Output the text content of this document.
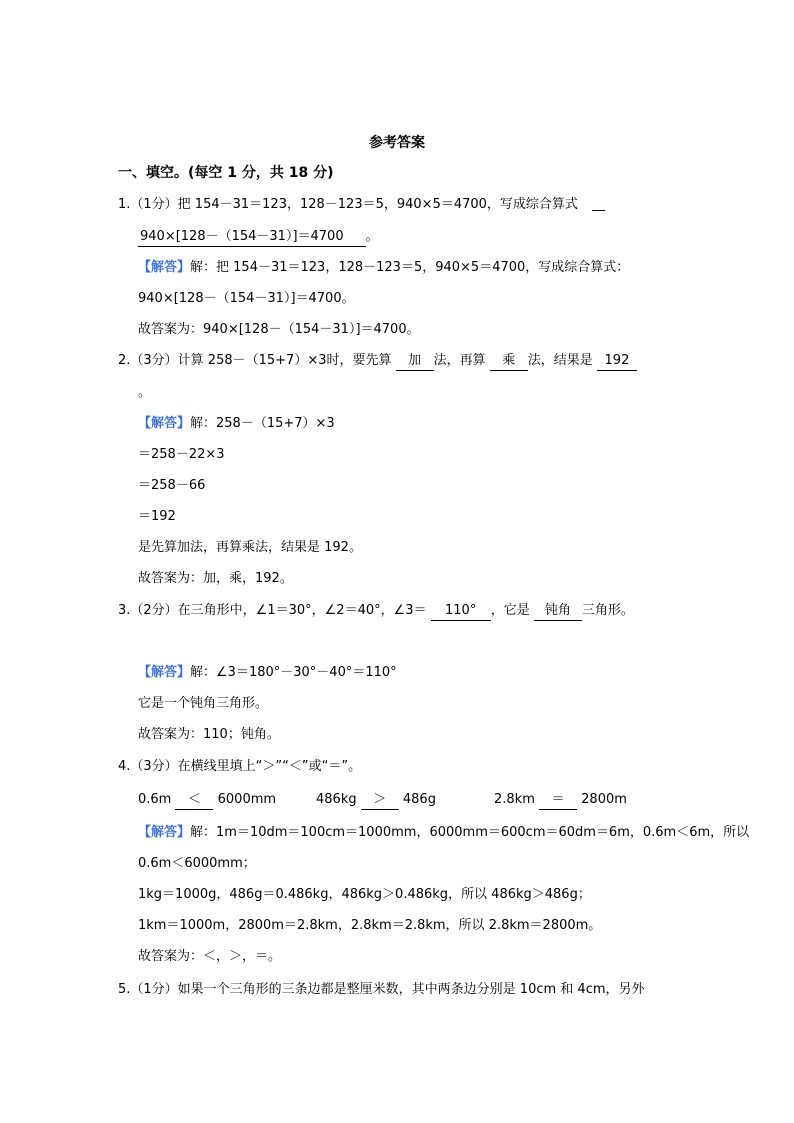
参考答案
一、填空。(每空 1 分，共 18 分)
1.（1分）把 154－31＝123，128－123＝5，940×5＝4700，写成综合算式 __
940×[128－（154－31）]＝4700 。
【解答】解：把 154－31＝123，128－123＝5，940×5＝4700，写成综合算式：
940×[128－（154－31）]＝4700。
故答案为：940×[128－（154－31）]＝4700。
2.（3分）计算 258－（15+7）×3时，要先算 加 法，再算 乘 法，结果是 192
。
【解答】解：258－（15+7）×3
＝258－22×3
＝258－66
＝192
是先算加法，再算乘法，结果是 192。
故答案为：加，乘，192。
3.（2分）在三角形中，∠1＝30°，∠2＝40°，∠3＝ 110° ，它是 钝角 三角形。
【解答】解：∠3＝180°－30°－40°＝110°
它是一个钝角三角形。
故答案为：110；钝角。
4.（3分）在横线里填上“＞”“＜”或“＝”。
0.6m ＜ 6000mm	486kg ＞ 486g	2.8km ＝ 2800m
【解答】解：1m＝10dm＝100cm＝1000mm，6000mm＝600cm＝60dm＝6m，0.6m＜6m，所以
0.6m＜6000mm；
1kg＝1000g，486g＝0.486kg，486kg＞0.486kg，所以 486kg＞486g；
1km＝1000m，2800m＝2.8km，2.8km＝2.8km，所以 2.8km＝2800m。
故答案为：＜，＞，＝。
5.（1分）如果一个三角形的三条边都是整厘米数，其中两条边分别是 10cm 和 4cm，另外
